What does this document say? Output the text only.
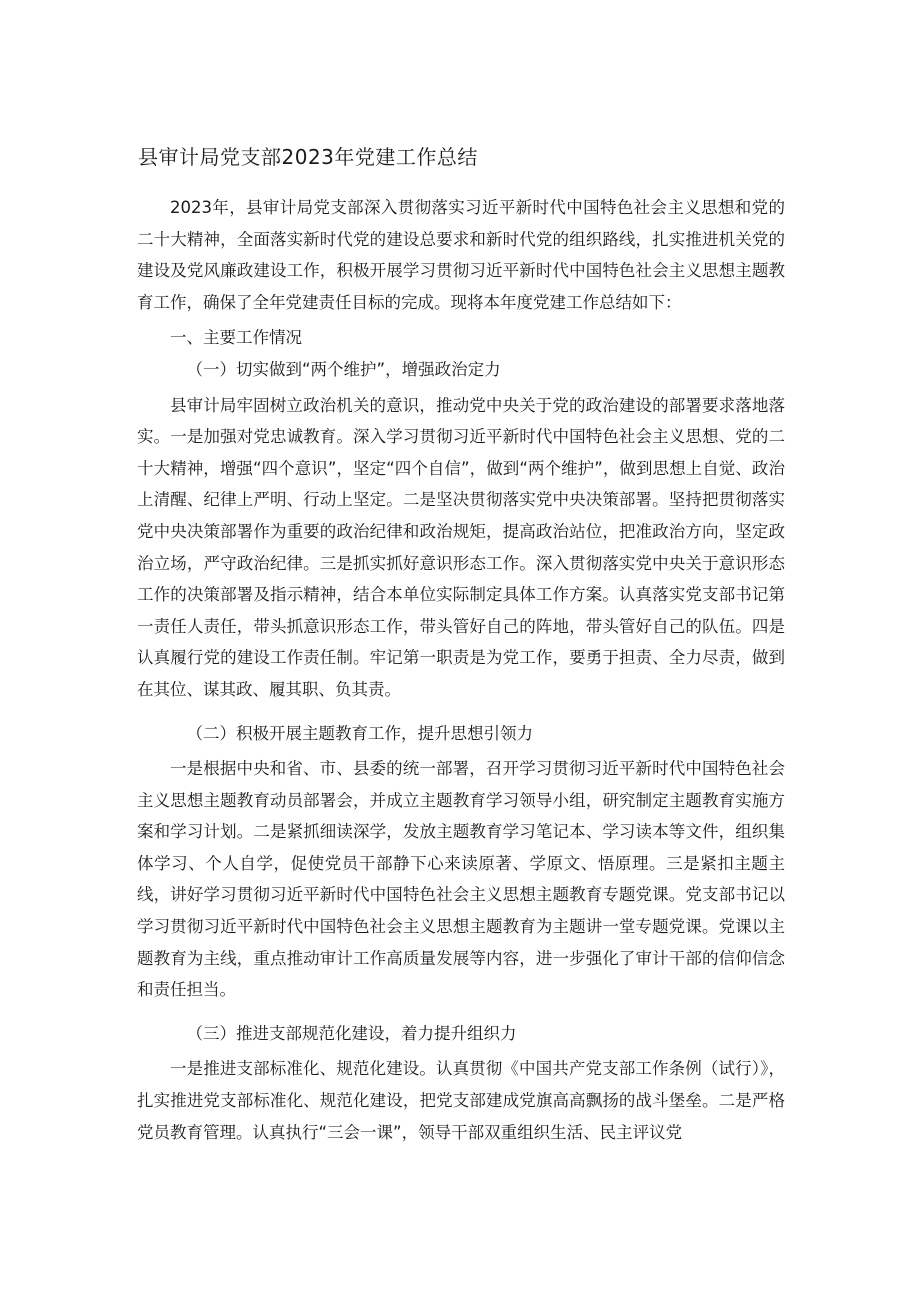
县审计局党支部2023年党建工作总结

2023年，县审计局党支部深入贯彻落实习近平新时代中国特色社会主义思想和党的二十大精神，全面落实新时代党的建设总要求和新时代党的组织路线，扎实推进机关党的建设及党风廉政建设工作，积极开展学习贯彻习近平新时代中国特色社会主义思想主题教育工作，确保了全年党建责任目标的完成。现将本年度党建工作总结如下：

一、主要工作情况

（一）切实做到“两个维护”，增强政治定力

县审计局牢固树立政治机关的意识，推动党中央关于党的政治建设的部署要求落地落实。一是加强对党忠诚教育。深入学习贯彻习近平新时代中国特色社会主义思想、党的二十大精神，增强“四个意识”，坚定“四个自信”，做到“两个维护”，做到思想上自觉、政治上清醒、纪律上严明、行动上坚定。二是坚决贯彻落实党中央决策部署。坚持把贯彻落实党中央决策部署作为重要的政治纪律和政治规矩，提高政治站位，把准政治方向，坚定政治立场，严守政治纪律。三是抓实抓好意识形态工作。深入贯彻落实党中央关于意识形态工作的决策部署及指示精神，结合本单位实际制定具体工作方案。认真落实党支部书记第一责任人责任，带头抓意识形态工作，带头管好自己的阵地，带头管好自己的队伍。四是认真履行党的建设工作责任制。牢记第一职责是为党工作，要勇于担责、全力尽责，做到在其位、谋其政、履其职、负其责。

（二）积极开展主题教育工作，提升思想引领力

一是根据中央和省、市、县委的统一部署，召开学习贯彻习近平新时代中国特色社会主义思想主题教育动员部署会，并成立主题教育学习领导小组，研究制定主题教育实施方案和学习计划。二是紧抓细读深学，发放主题教育学习笔记本、学习读本等文件，组织集体学习、个人自学，促使党员干部静下心来读原著、学原文、悟原理。三是紧扣主题主线，讲好学习贯彻习近平新时代中国特色社会主义思想主题教育专题党课。党支部书记以学习贯彻习近平新时代中国特色社会主义思想主题教育为主题讲一堂专题党课。党课以主题教育为主线，重点推动审计工作高质量发展等内容，进一步强化了审计干部的信仰信念和责任担当。

（三）推进支部规范化建设，着力提升组织力

一是推进支部标准化、规范化建设。认真贯彻《中国共产党支部工作条例（试行）》，扎实推进党支部标准化、规范化建设，把党支部建成党旗高高飘扬的战斗堡垒。二是严格党员教育管理。认真执行“三会一课”，领导干部双重组织生活、民主评议党
